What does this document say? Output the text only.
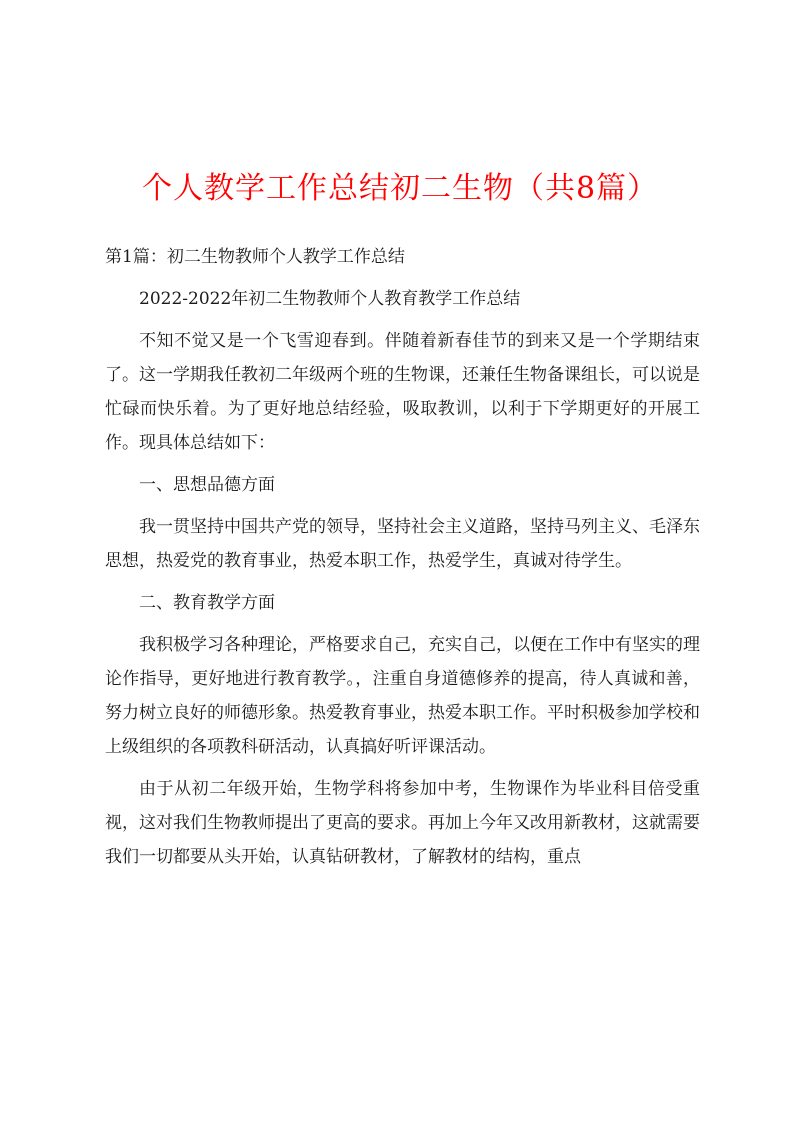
个人教学工作总结初二生物（共8篇）

第1篇：初二生物教师个人教学工作总结

2022-2022年初二生物教师个人教育教学工作总结

不知不觉又是一个飞雪迎春到。伴随着新春佳节的到来又是一个学期结束了。这一学期我任教初二年级两个班的生物课，还兼任生物备课组长，可以说是忙碌而快乐着。为了更好地总结经验，吸取教训，以利于下学期更好的开展工作。现具体总结如下：

一、思想品德方面

我一贯坚持中国共产党的领导，坚持社会主义道路，坚持马列主义、毛泽东思想，热爱党的教育事业，热爱本职工作，热爱学生，真诚对待学生。

二、教育教学方面

我积极学习各种理论，严格要求自己，充实自己，以便在工作中有坚实的理论作指导，更好地进行教育教学。，注重自身道德修养的提高，待人真诚和善，努力树立良好的师德形象。热爱教育事业，热爱本职工作。平时积极参加学校和上级组织的各项教科研活动，认真搞好听评课活动。

由于从初二年级开始，生物学科将参加中考，生物课作为毕业科目倍受重视，这对我们生物教师提出了更高的要求。再加上今年又改用新教材，这就需要我们一切都要从头开始，认真钻研教材，了解教材的结构，重点
